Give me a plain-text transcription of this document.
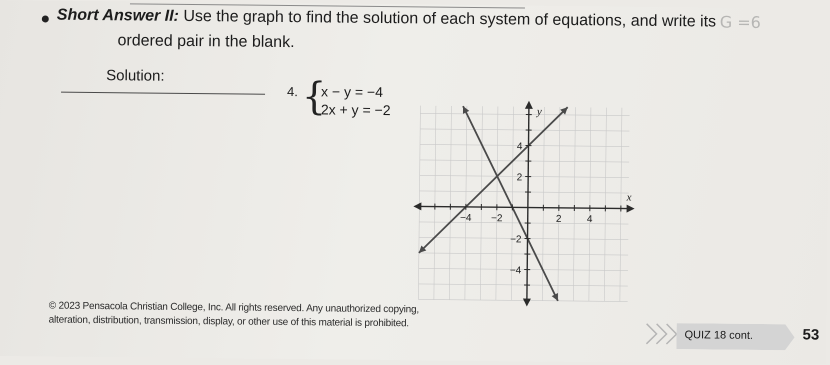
G =6
Short Answer II: Use the graph to find the solution of each system of equations, and write its
ordered pair in the blank.
Solution:
4. {
x − y = −4
2x + y = −2
−4 −2	2	4
4
2
−2
−4
y
x
© 2023 Pensacola Christian College, Inc. All rights reserved. Any unauthorized copying,
alteration, distribution, transmission, display, or other use of this material is prohibited.
QUIZ 18 cont.	53
